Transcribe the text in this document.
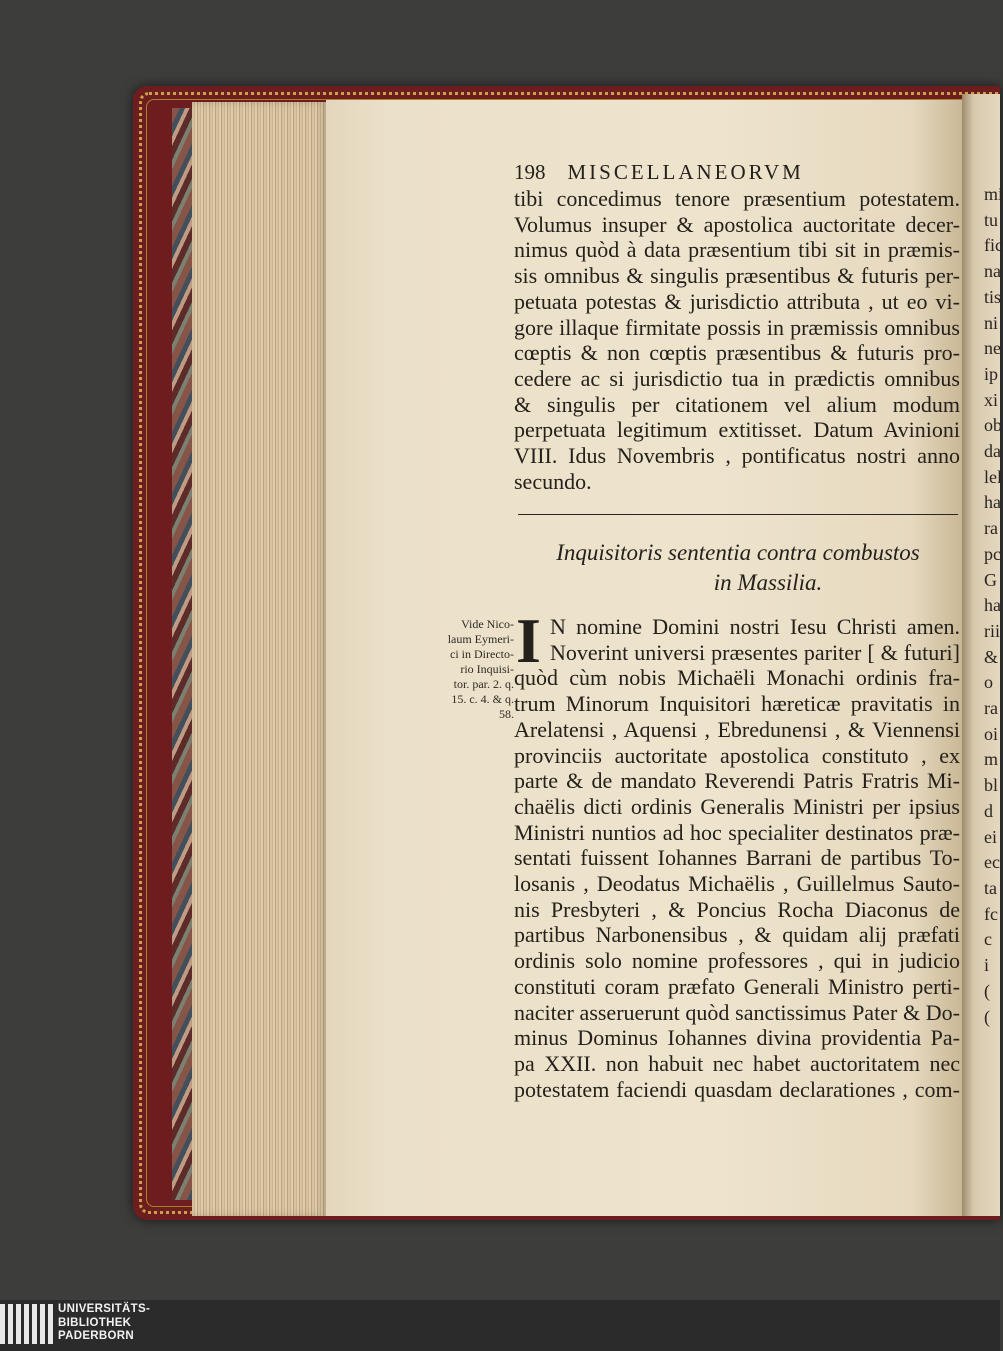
mi
tu
fic
na
tis
ni
ne
ip
xi
ob
da
lel
ha
ra
pc
G
ha
rii
&
o
ra
oi
m
bl
d
ei
ec
ta
fc
c
i
(
(
198 MISCELLANEORVM
tibi concedimus tenore præsentium potestatem.
Volumus insuper & apostolica auctoritate decer-
nimus quòd à data præsentium tibi sit in præmis-
sis omnibus & singulis præsentibus & futuris per-
petuata potestas & jurisdictio attributa , ut eo vi-
gore illaque firmitate possis in præmissis omnibus
cœptis & non cœptis præsentibus & futuris pro-
cedere ac si jurisdictio tua in prædictis omnibus
& singulis per citationem vel alium modum
perpetuata legitimum extitisset. Datum Avinioni
VIII. Idus Novembris , pontificatus nostri anno
secundo.
Inquisitoris sententia contra combustos
in Massilia.
Vide Nico-
laum Eymeri-
ci in Directo-
rio Inquisi-
tor. par. 2. q.
15. c. 4. & q.
58.
I N nomine Domini nostri Iesu Christi amen.
Noverint universi præsentes pariter [ & futuri]
quòd cùm nobis Michaëli Monachi ordinis fra-
trum Minorum Inquisitori hæreticæ pravitatis in
Arelatensi , Aquensi , Ebredunensi , & Viennensi
provinciis auctoritate apostolica constituto , ex
parte & de mandato Reverendi Patris Fratris Mi-
chaëlis dicti ordinis Generalis Ministri per ipsius
Ministri nuntios ad hoc specialiter destinatos præ-
sentati fuissent Iohannes Barrani de partibus To-
losanis , Deodatus Michaëlis , Guillelmus Sauto-
nis Presbyteri , & Poncius Rocha Diaconus de
partibus Narbonensibus , & quidam alij præfati
ordinis solo nomine professores , qui in judicio
constituti coram præfato Generali Ministro perti-
naciter asseruerunt quòd sanctissimus Pater & Do-
minus Dominus Iohannes divina providentia Pa-
pa XXII. non habuit nec habet auctoritatem nec
potestatem faciendi quasdam declarationes , com-
UNIVERSITÄTS-
BIBLIOTHEK
PADERBORN
